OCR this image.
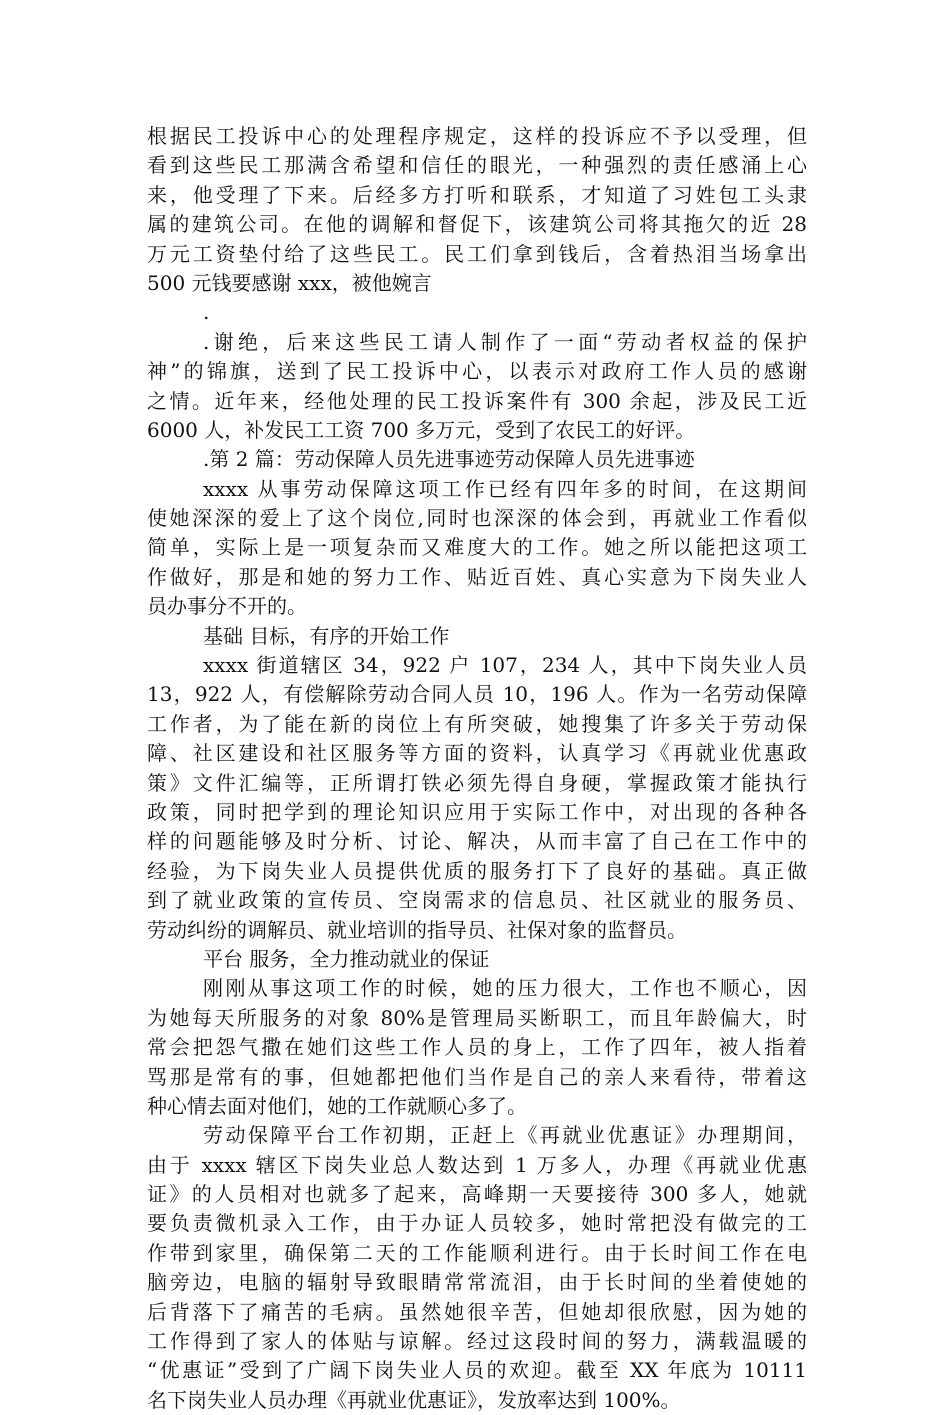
根据民工投诉中心的处理程序规定，这样的投诉应不予以受理，但
看到这些民工那满含希望和信任的眼光，一种强烈的责任感涌上心
来，他受理了下来。后经多方打听和联系，才知道了习姓包工头隶
属的建筑公司。在他的调解和督促下，该建筑公司将其拖欠的近 28
万元工资垫付给了这些民工。民工们拿到钱后，含着热泪当场拿出
500 元钱要感谢 xxx，被他婉言
.
.谢绝，后来这些民工请人制作了一面“劳动者权益的保护
神”的锦旗，送到了民工投诉中心，以表示对政府工作人员的感谢
之情。近年来，经他处理的民工投诉案件有 300 余起，涉及民工近
6000 人，补发民工工资 700 多万元，受到了农民工的好评。
.第 2 篇：劳动保障人员先进事迹劳动保障人员先进事迹
xxxx 从事劳动保障这项工作已经有四年多的时间，在这期间
使她深深的爱上了这个岗位,同时也深深的体会到，再就业工作看似
简单，实际上是一项复杂而又难度大的工作。她之所以能把这项工
作做好，那是和她的努力工作、贴近百姓、真心实意为下岗失业人
员办事分不开的。
基础 目标，有序的开始工作
xxxx 街道辖区 34，922 户 107，234 人，其中下岗失业人员
13，922 人，有偿解除劳动合同人员 10，196 人。作为一名劳动保障
工作者，为了能在新的岗位上有所突破，她搜集了许多关于劳动保
障、社区建设和社区服务等方面的资料，认真学习《再就业优惠政
策》文件汇编等，正所谓打铁必须先得自身硬，掌握政策才能执行
政策，同时把学到的理论知识应用于实际工作中，对出现的各种各
样的问题能够及时分析、讨论、解决，从而丰富了自己在工作中的
经验，为下岗失业人员提供优质的服务打下了良好的基础。真正做
到了就业政策的宣传员、空岗需求的信息员、社区就业的服务员、
劳动纠纷的调解员、就业培训的指导员、社保对象的监督员。
平台 服务，全力推动就业的保证
刚刚从事这项工作的时候，她的压力很大，工作也不顺心，因
为她每天所服务的对象 80%是管理局买断职工，而且年龄偏大，时
常会把怨气撒在她们这些工作人员的身上，工作了四年，被人指着
骂那是常有的事，但她都把他们当作是自己的亲人来看待，带着这
种心情去面对他们，她的工作就顺心多了。
劳动保障平台工作初期，正赶上《再就业优惠证》办理期间，
由于 xxxx 辖区下岗失业总人数达到 1 万多人，办理《再就业优惠
证》的人员相对也就多了起来，高峰期一天要接待 300 多人，她就
要负责微机录入工作，由于办证人员较多，她时常把没有做完的工
作带到家里，确保第二天的工作能顺利进行。由于长时间工作在电
脑旁边，电脑的辐射导致眼睛常常流泪，由于长时间的坐着使她的
后背落下了痛苦的毛病。虽然她很辛苦，但她却很欣慰，因为她的
工作得到了家人的体贴与谅解。经过这段时间的努力，满载温暖的
“优惠证”受到了广阔下岗失业人员的欢迎。截至 XX 年底为 10111
名下岗失业人员办理《再就业优惠证》，发放率达到 100%。
